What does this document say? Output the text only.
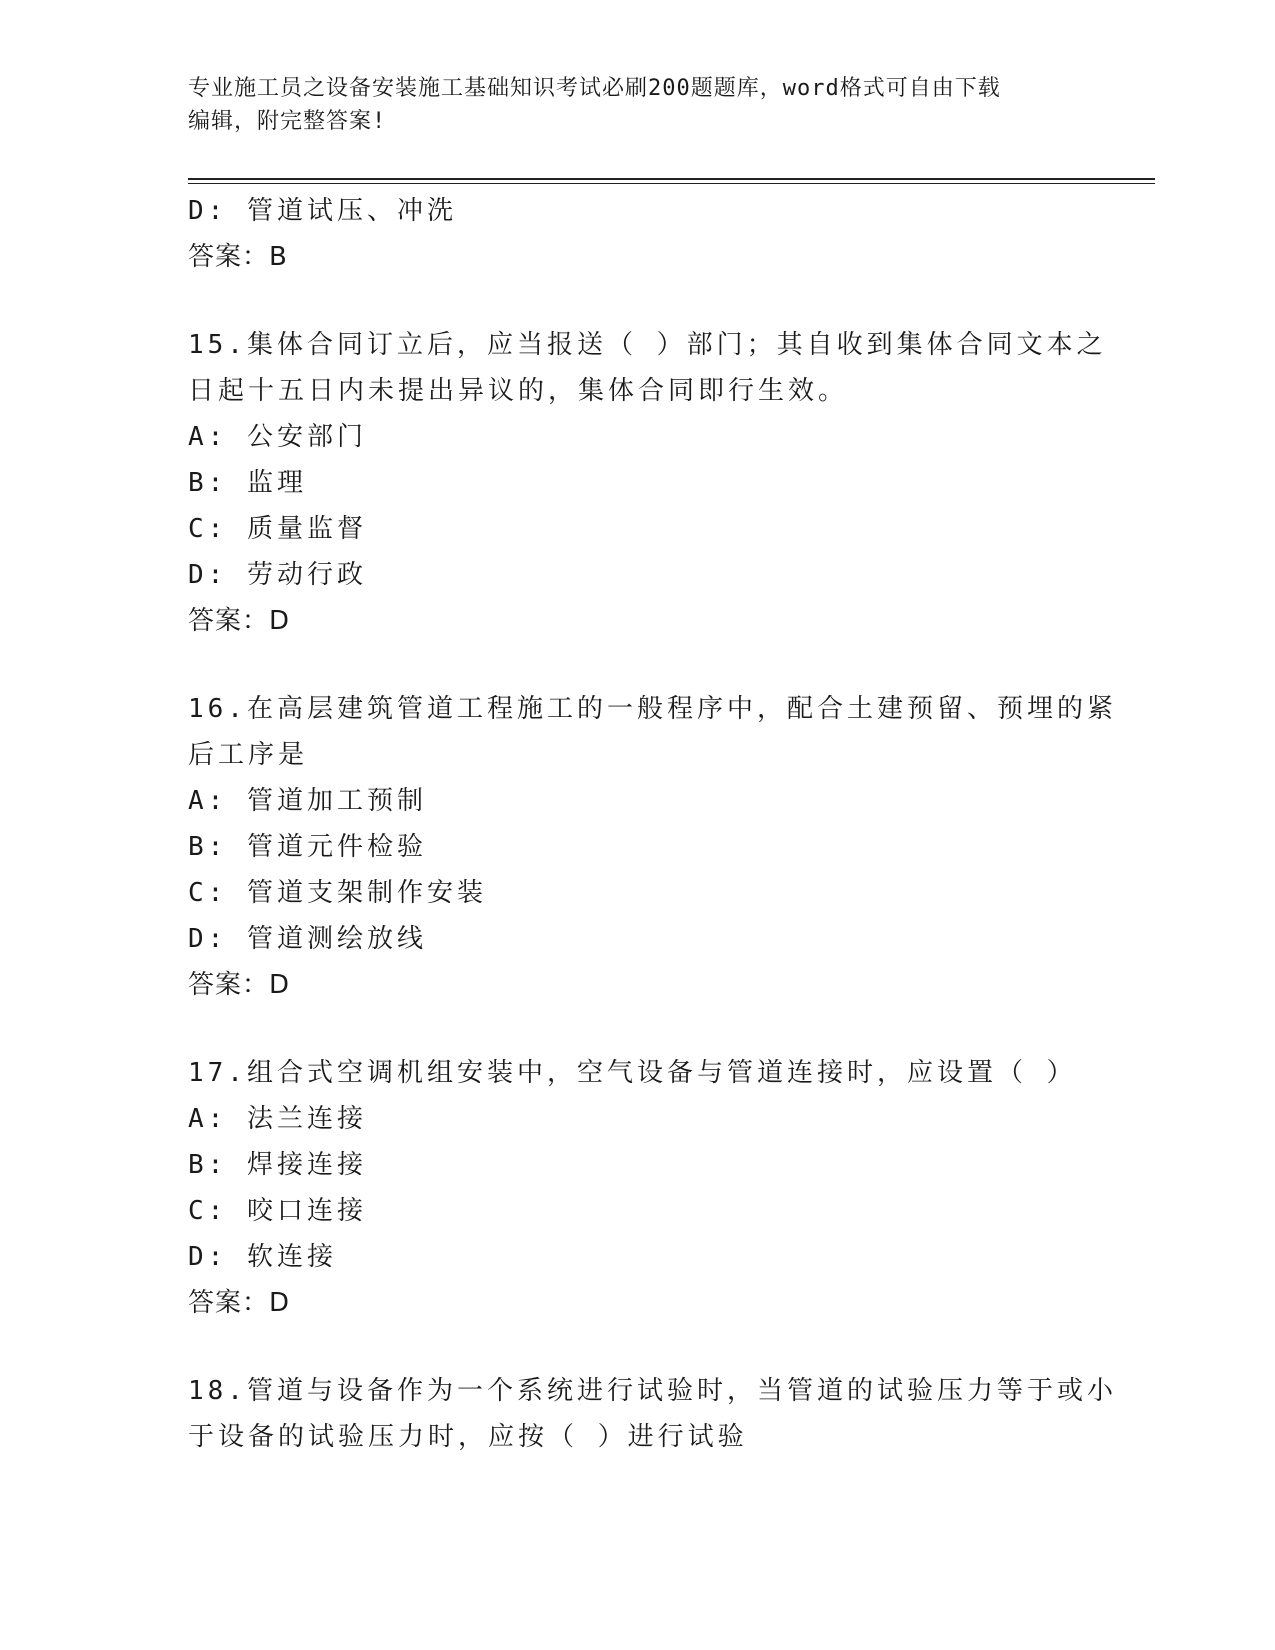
专业施工员之设备安装施工基础知识考试必刷200题题库，word格式可自由下载
编辑，附完整答案!
D: 管道试压、冲洗
答案：B
15.集体合同订立后，应当报送（ ）部门；其自收到集体合同文本之
日起十五日内未提出异议的，集体合同即行生效。
A: 公安部门
B: 监理
C: 质量监督
D: 劳动行政
答案：D
16.在高层建筑管道工程施工的一般程序中，配合土建预留、预埋的紧
后工序是
A: 管道加工预制
B: 管道元件检验
C: 管道支架制作安装
D: 管道测绘放线
答案：D
17.组合式空调机组安装中，空气设备与管道连接时，应设置（ ）
A: 法兰连接
B: 焊接连接
C: 咬口连接
D: 软连接
答案：D
18.管道与设备作为一个系统进行试验时，当管道的试验压力等于或小
于设备的试验压力时，应按（ ）进行试验
